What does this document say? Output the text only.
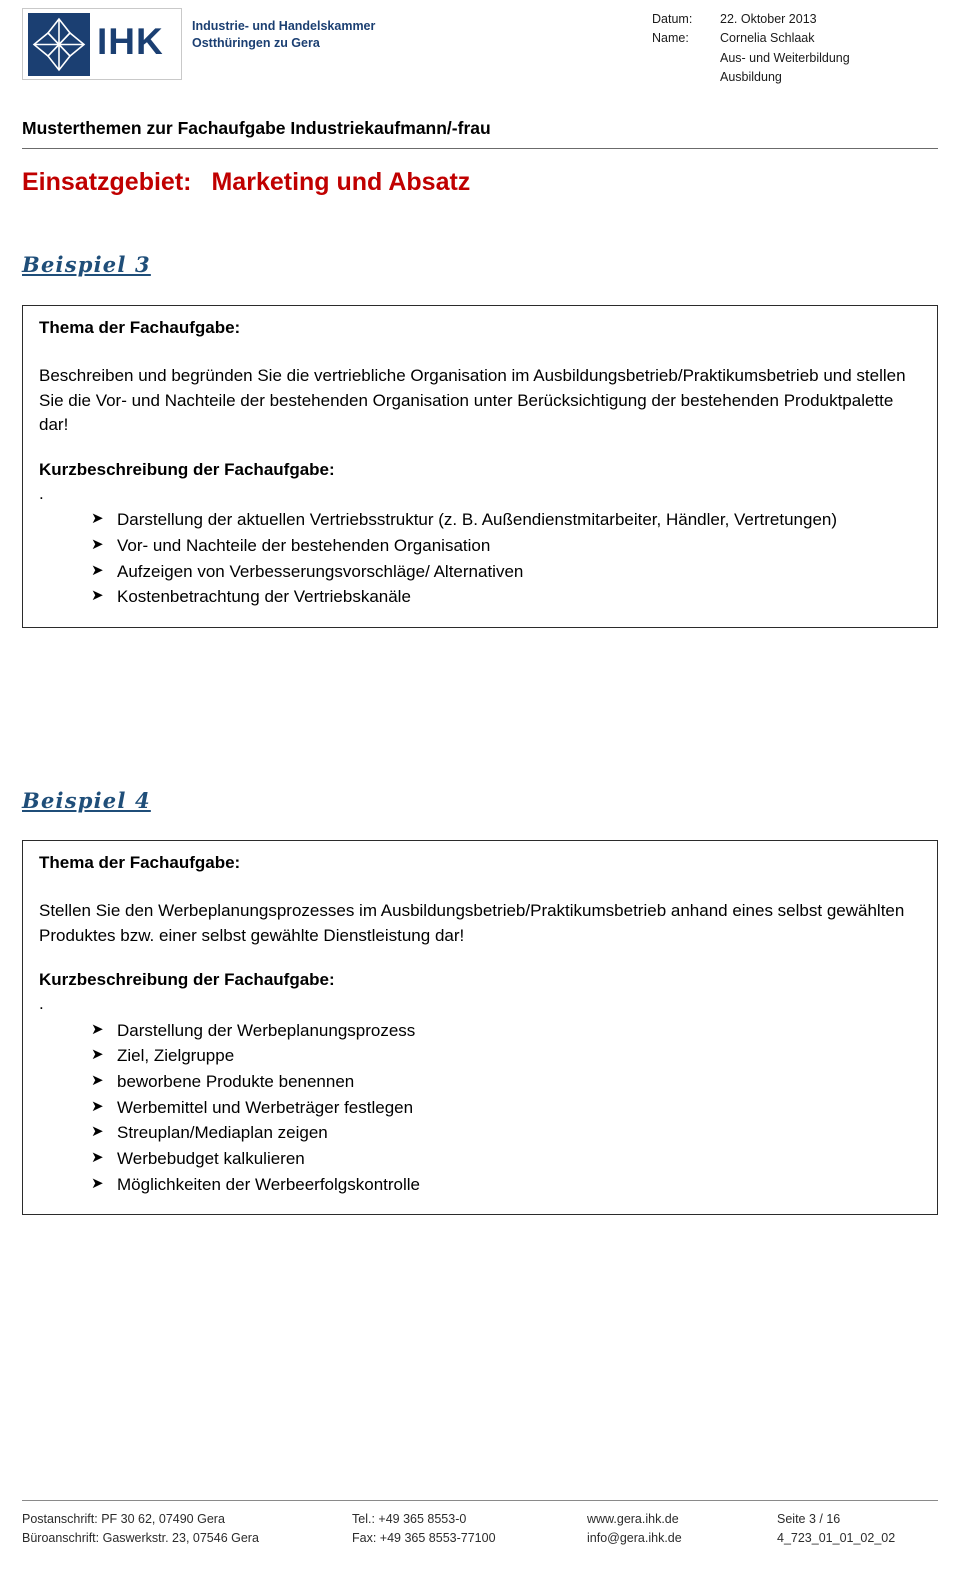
IHK Industrie- und Handelskammer
Ostthüringen zu Gera
Datum:	22. Oktober 2013
Name:	Cornelia Schlaak
Aus- und Weiterbildung
Ausbildung
Musterthemen zur Fachaufgabe Industriekaufmann/-frau
Einsatzgebiet: Marketing und Absatz
Beispiel 3

Thema der Fachaufgabe:

Beschreiben und begründen Sie die vertriebliche Organisation im Ausbildungsbetrieb/Praktikumsbetrieb und stellen Sie die Vor- und Nachteile der bestehenden Organisation unter Berücksichtigung der bestehenden Produktpalette dar!

Kurzbeschreibung der Fachaufgabe:

.

➤ Darstellung der aktuellen Vertriebsstruktur (z. B. Außendienstmitarbeiter, Händler, Vertretungen)
➤ Vor- und Nachteile der bestehenden Organisation
➤ Aufzeigen von Verbesserungsvorschläge/ Alternativen
➤ Kostenbetrachtung der Vertriebskanäle
Beispiel 4

Thema der Fachaufgabe:

Stellen Sie den Werbeplanungsprozesses im Ausbildungsbetrieb/Praktikumsbetrieb anhand eines selbst gewählten Produktes bzw. einer selbst gewählte Dienstleistung dar!

Kurzbeschreibung der Fachaufgabe:

.

➤ Darstellung der Werbeplanungsprozess
➤ Ziel, Zielgruppe
➤ beworbene Produkte benennen
➤ Werbemittel und Werbeträger festlegen
➤ Streuplan/Mediaplan zeigen
➤ Werbebudget kalkulieren
➤ Möglichkeiten der Werbeerfolgskontrolle
Postanschrift: PF 30 62, 07490 Gera	Tel.: +49 365 8553-0	www.gera.ihk.de	Seite 3 / 16
Büroanschrift: Gaswerkstr. 23, 07546 Gera	Fax: +49 365 8553-77100	info@gera.ihk.de	4_723_01_01_02_02
